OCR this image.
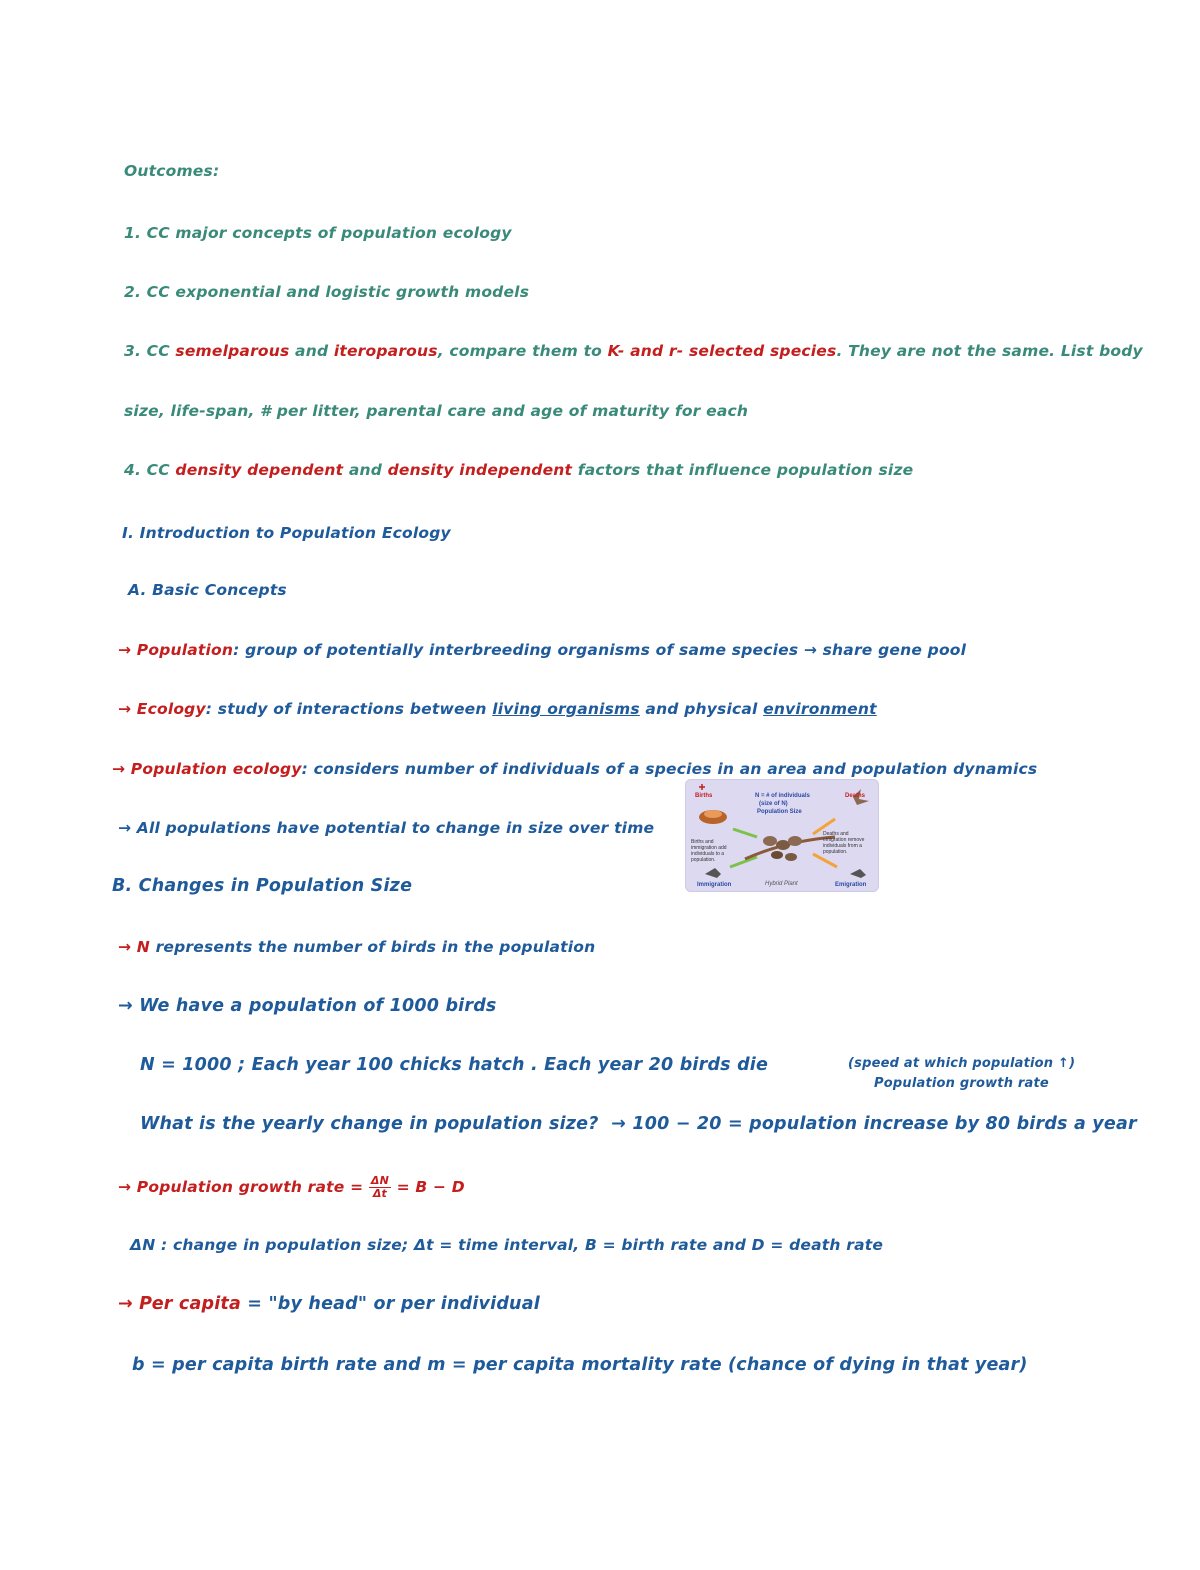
Outcomes:
1. CC major concepts of population ecology
2. CC exponential and logistic growth models
3. CC semelparous and iteroparous, compare them to K- and r- selected species. They are not the same. List body
size, life-span, # per litter, parental care and age of maturity for each
4. CC density dependent and density independent factors that influence population size
I. Introduction to Population Ecology
A. Basic Concepts
→ Population: group of potentially interbreeding organisms of same species → share gene pool
→ Ecology: study of interactions between living organisms and physical environment
→ Population ecology: considers number of individuals of a species in an area and population dynamics
→ All populations have potential to change in size over time
Births	Deaths
N = # of individuals
(size of N)
Population Size
Births and immigration add individuals to a population.
Deaths and emigration remove individuals from a population.
Immigration	Emigration
Hybrid Plant
B. Changes in Population Size
→ N represents the number of birds in the population
→ We have a population of 1000 birds
N = 1000 ; Each year 100 chicks hatch . Each year 20 birds die	(speed at which population ↑)
Population growth rate
What is the yearly change in population size? → 100 − 20 = population increase by 80 birds a year
→ Population growth rate = $\frac{\Delta N}{\Delta t} = B - D$
ΔN : change in population size; Δt = time interval, B = birth rate and D = death rate
→ Per capita = "by head" or per individual
b = per capita birth rate and m = per capita mortality rate (chance of dying in that year)
